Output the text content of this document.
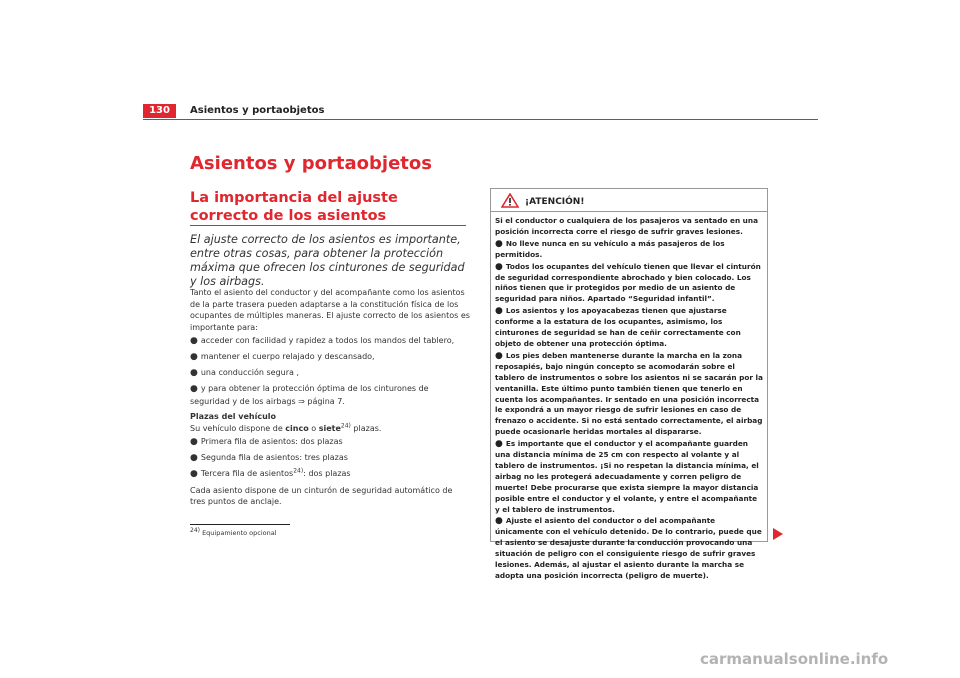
130	Asientos y portaobjetos
Asientos y portaobjetos
La importancia del ajuste correcto de los asientos

El ajuste correcto de los asientos es importante, entre otras cosas, para obtener la protección máxima que ofrecen los cinturones de seguridad y los airbags.

Tanto el asiento del conductor y del acompañante como los asientos de la parte trasera pueden adaptarse a la constitución física de los ocupantes de múltiples maneras. El ajuste correcto de los asientos es importante para:

● acceder con facilidad y rapidez a todos los mandos del tablero,
● mantener el cuerpo relajado y descansado,
● una conducción segura ,
● y para obtener la protección óptima de los cinturones de seguridad y de los airbags ⇒ página 7.

Plazas del vehículo

Su vehículo dispone de cinco o siete$^{24)}$ plazas.

● Primera fila de asientos: dos plazas
● Segunda fila de asientos: tres plazas
● Tercera fila de asientos$^{24)}$: dos plazas

Cada asiento dispone de un cinturón de seguridad automático de tres puntos de anclaje.

$^{24)}$ Equipamiento opcional
¡ATENCIÓN!

Si el conductor o cualquiera de los pasajeros va sentado en una posición incorrecta corre el riesgo de sufrir graves lesiones.

● No lleve nunca en su vehículo a más pasajeros de los permitidos.
● Todos los ocupantes del vehículo tienen que llevar el cinturón de seguridad correspondiente abrochado y bien colocado. Los niños tienen que ir protegidos por medio de un asiento de seguridad para niños. Apartado “Seguridad infantil”.
● Los asientos y los apoyacabezas tienen que ajustarse conforme a la estatura de los ocupantes, asimismo, los cinturones de seguridad se han de ceñir correctamente con objeto de obtener una protección óptima.
● Los pies deben mantenerse durante la marcha en la zona reposapiés, bajo ningún concepto se acomodarán sobre el tablero de instrumentos o sobre los asientos ni se sacarán por la ventanilla. Este último punto también tienen que tenerlo en cuenta los acompañantes. Ir sentado en una posición incorrecta le expondrá a un mayor riesgo de sufrir lesiones en caso de frenazo o accidente. Si no está sentado correctamente, el airbag puede ocasionarle heridas mortales al dispararse.
● Es importante que el conductor y el acompañante guarden una distancia mínima de 25 cm con respecto al volante y al tablero de instrumentos. ¡Si no respetan la distancia mínima, el airbag no les protegerá adecuadamente y corren peligro de muerte! Debe procurarse que exista siempre la mayor distancia posible entre el conductor y el volante, y entre el acompañante y el tablero de instrumentos.
● Ajuste el asiento del conductor o del acompañante únicamente con el vehículo detenido. De lo contrario, puede que el asiento se desajuste durante la conducción provocando una situación de peligro con el consiguiente riesgo de sufrir graves lesiones. Además, al ajustar el asiento durante la marcha se adopta una posición incorrecta (peligro de muerte).
carmanualsonline.info
